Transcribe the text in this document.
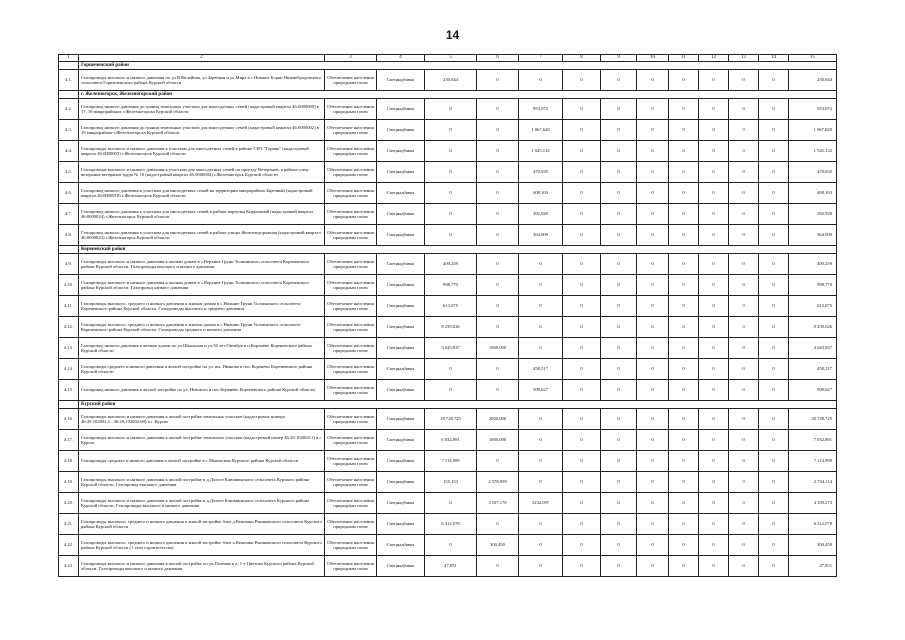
14
1	2	3	4	5	6	7	8	9	10	11	12	13	14	15
	Горшеченский район													
4.1.	Газопроводы высокого и низкого давления по ул.Юбилейная, ул.Заречная и ул.Мира в с.Нижнее Борки Нижнебродовского сельсовета Горшеченского района Курской области	Обеспечение населения природным газом	Спецнадбавка	230,644	0	0	0	0	0	0	0	0	0	230,644
	г. Железногорск, Железногорский район													
4.2.	Газопровод низкого давления до границ земельных участков для многодетных семей (кадастровый квартал 46:0000000) в 17, 18 микрорайонах г.Железногорска Курской области	Обеспечение населения природным газом	Спецнадбавка	0	0	953,072	0	0	0	0	0	0	0	953,072
4.3.	Газопровод низкого давления до границ земельных участков для многодетных семей (кадастровый квартал 46:0000002) в 19 микрорайоне г.Железногорска Курской области	Обеспечение населения природным газом	Спецнадбавка	0	0	1 067,620	0	0	0	0	0	0	0	1 067,620
4.4.	Газопроводы высокого и низкого давления к участкам для многодетных семей в районе СНТ "Горняк" (кадастровый квартал 46:0000003) г.Железногорск Курской области	Обеспечение населения природным газом	Спецнадбавка	0	0	1 545,132	0	0	0	0	0	0	0	1 545,132
4.5.	Газопроводы высокого и низкого давления к участкам для многодетных семей по проезду Ветеранов, в районе улиц-ветеранов ветеранов труда № 10 (кадастровый квартал 46:0000004) г.Железногорск Курской области	Обеспечение населения природным газом	Спецнадбавка	0	0	470,035	0	0	0	0	0	0	0	470,035
4.6.	Газопровод низкого давления к участкам для многодетных семей на территории микрорайона Заречный (кадастровый квартал 46:0000018) г.Железногорск Курской области	Обеспечение населения природным газом	Спецнадбавка	0	0	408,103	0	0	0	0	0	0	0	408,103
4.7.	Газопровод низкого давления к участкам для многодетных семей в районе переулка Кирпичный (кадастровый квартал 46:0000024) г.Железногорск Курской области	Обеспечение населения природным газом	Спецнадбавка	0	0	392,920	0	0	0	0	0	0	0	392,920
4.8.	Газопровод низкого давления к участкам для многодетных семей в районе улицы Железнодорожная (кадастровый квартал 46:0000023) г.Железногорск Курской области	Обеспечение населения природным газом	Спецнадбавка	0	0	364,009	0	0	0	0	0	0	0	364,009
	Кореневский район													
4.9.	Газопроводы высокого и низкого давления к жилым домам в с.Верхние Груни Толпинского сельсовета Кореневского района Курской области. Газопроводы высокого и низкого давления	Обеспечение населения природным газом	Спецнадбавка	400,259	0	0	0	0	0	0	0	0	0	400,259
4.10.	Газопроводы высокого и низкого давления к жилым домам в с.Верхние Груни Толпинского сельсовета Кореневского района Курской области. Газопровод низкого давления	Обеспечение населения природным газом	Спецнадбавка	998,770	0	0	0	0	0	0	0	0	0	998,770
4.11.	Газопроводы высокого, среднего и низкого давления к жилым домам в с.Нижние Груни Толпинского сельсовета Кореневского района Курской области. Газопроводы высокого и среднего давления	Обеспечение населения природным газом	Спецнадбавка	613,075	0	0	0	0	0	0	0	0	0	613,075
4.12.	Газопроводы высокого, среднего и низкого давления к жилым домам в с.Нижние Груни Толпинского сельсовета Кореневского района Курской области. Газопроводы среднего и низкого давления	Обеспечение населения природным газом	Спецнадбавка	8 239,026	0	0	0	0	0	0	0	0	0	8 239,026
4.13.	Газопровод низкого давления к жилым домам по ул.Школьная и ул.30 лет Октября в п.Коренёво Кореневского района Курской области	Обеспечение населения природным газом	Спецнадбавка	3 643,837	1000,000	0	0	0	0	0	0	0	0	4 643,837
4.14.	Газопроводы среднего и низкого давления к жилой застройке по ул. им. Иванова в пос.Коренёво Кореневского района Курской области	Обеспечение населения природным газом	Спецнадбавка	0	0	458,517	0	0	0	0	0	0	0	458,517
4.15.	Газопровод низкого давления к жилой застройке по ул. Невского в пос.Коренёво Кореневского района Курской области	Обеспечение населения природным газом	Спецнадбавка	0	0	509,627	0	0	0	0	0	0	0	509,627
	Курский район													
4.16.	Газопроводы высокого и низкого давления к жилой застройке земельных участков (кадастровые номера 46:29:102002:1...46:29:102002:69) в г. Курске	Обеспечение населения природным газом	Спецнадбавка	18 728,725	2000,000	0	0	0	0	0	0	0	0	20 728,725
4.17.	Газопроводы высокого и низкого давления к жилой застройке земельных участков (кадастровый номер 46:29:102004:1) в г. Курске	Обеспечение населения природным газом	Спецнадбавка	6 032,891	1000,000	0	0	0	0	0	0	0	0	7 032,891
4.18.	Газопроводы среднего и низкого давления к жилой застройке в с.Моковском Курского района Курской области	Обеспечение населения природным газом	Спецнадбавка	7 114,999	0	0	0	0	0	0	0	0	0	7 114,999
4.19.	Газопроводы высокого и низкого давления к жилой застройке в д.Долгое Клюквинского сельсовета Курского района Курской области. Газопровод высокого давления	Обеспечение населения природным газом	Спецнадбавка	155,153	2 578,959	0	0	0	0	0	0	0	0	2 734,114
4.20.	Газопроводы высокого и низкого давления к жилой застройке в д.Долгое Клюквинского сельсовета Курского района Курской области. Газопроводы высокого и низкого давления	Обеспечение населения природным газом	Спецнадбавка	0	3 107,176	1232,097	0	0	0	0	0	0	0	4 339,273
4.21.	Газопроводы высокого, среднего и низкого давления к жилой застройке близ д.Кешенки Рышковского сельсовета Курского района Курской области	Обеспечение населения природным газом	Спецнадбавка	6 312,078	0	0	0	0	0	0	0	0	0	6 312,078
4.22.	Газопроводы высокого, среднего и низкого давления к жилой застройке близ х.Кешенки Рышковского сельсовета Курского района Курской области (1 этап строительства)	Обеспечение населения природным газом	Спецнадбавка	0	300,450	0	0	0	0	0	0	0	0	300,450
4.23.	Газопроводы высокого и низкого давления к жилой застройке по ул.Полевая в д. 1-е Цветово Курского района Курской области. Газопроводы высокого и низкого давления	Обеспечение населения природным газом	Спецнадбавка	47,851	0	0	0	0	0	0	0	0	0	47,851
